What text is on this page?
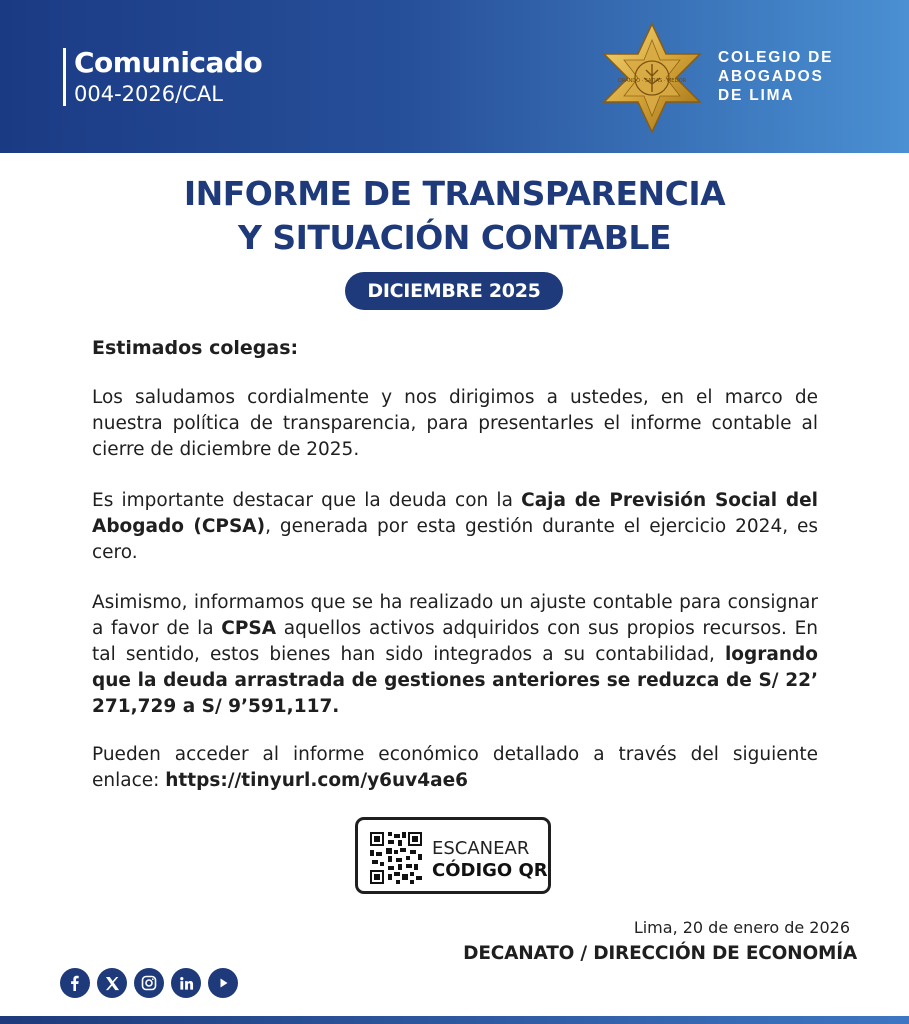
Comunicado
004-2026/CAL
ORANDO · SATIAS · MELIOR
COLEGIO DE
ABOGADOS
DE LIMA
INFORME DE TRANSPARENCIA
Y SITUACIÓN CONTABLE
DICIEMBRE 2025
Estimados colegas:
Los saludamos cordialmente y nos dirigimos a ustedes, en el marco de nuestra política de transparencia, para presentarles el informe contable al cierre de diciembre de 2025.
Es importante destacar que la deuda con la Caja de Previsión Social del Abogado (CPSA), generada por esta gestión durante el ejercicio 2024, es cero.
Asimismo, informamos que se ha realizado un ajuste contable para consignar a favor de la CPSA aquellos activos adquiridos con sus propios recursos. En tal sentido, estos bienes han sido integrados a su contabilidad, logrando que la deuda arrastrada de gestiones anteriores se reduzca de S/ 22’ 271,729 a S/ 9’591,117.
Pueden acceder al informe económico detallado a través del siguiente enlace: https://tinyurl.com/y6uv4ae6
ESCANEAR
CÓDIGO QR
Lima, 20 de enero de 2026
DECANATO / DIRECCIÓN DE ECONOMÍA
